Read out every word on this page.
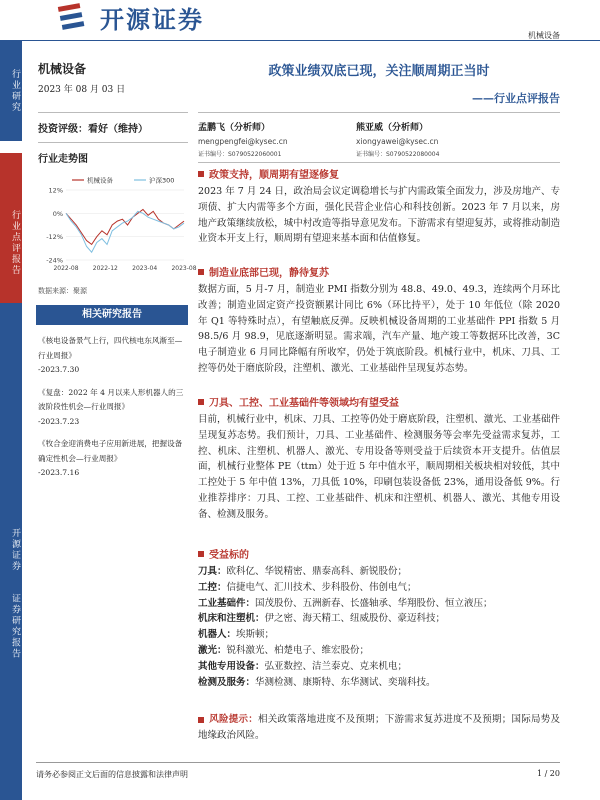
开源证券
机械设备
行业研究
行业点评报告
开源证券  证券研究报告
机械设备
2023 年 08 月 03 日
投资评级：看好（维持）
行业走势图
12%
0%
-12%
-24%
2022-08 2022-12 2023-04 2023-08
机械设备	沪深300
数据来源：聚源
相关研究报告
《核电设备景气上行，四代核电东风渐至—行业周报》
-2023.7.30
《复盘：2022 年 4 月以来人形机器人的三波阶段性机会—行业周报》
-2023.7.23
《牧合金迎消费电子应用新进展，把握设备确定性机会—行业周报》
-2023.7.16
政策业绩双底已现，关注顺周期正当时
——行业点评报告
孟鹏飞（分析师）
mengpengfei@kysec.cn
证书编号：S0790522060001
熊亚威（分析师）
xiongyawei@kysec.cn
证书编号：S0790522080004
政策支持，顺周期有望逐修复
2023 年 7 月 24 日，政治局会议定调稳增长与扩内需政策全面发力，涉及房地产、专项债、扩大内需等多个方面，强化民营企业信心和科技创新。2023 年 7 月以来，房地产政策继续放松，城中村改造等指导意见发布。下游需求有望迎复苏，或将推动制造业资本开支上行，顺周期有望迎来基本面和估值修复。
制造业底部已现，静待复苏
数据方面，5 月-7 月，制造业 PMI 指数分别为 48.8、49.0、49.3，连续两个月环比改善；制造业固定资产投资额累计同比 6%（环比持平），处于 10 年低位（除 2020 年 Q1 等特殊时点），有望触底反弹。反映机械设备周期的工业基础件 PPI 指数 5 月 98.5/6 月 98.9，见底逐渐明显。需求端，汽车产量、地产竣工等数据环比改善，3C 电子制造业 6 月同比降幅有所收窄，仍处于筑底阶段。机械行业中，机床、刀具、工控等仍处于磨底阶段，注塑机、激光、工业基础件呈现复苏态势。
刀具、工控、工业基础件等领域均有望受益
目前，机械行业中，机床、刀具、工控等仍处于磨底阶段，注塑机、激光、工业基础件呈现复苏态势。我们预计，刀具、工业基础件、检测服务等会率先受益需求复苏，工控、机床、注塑机、机器人、激光、专用设备等则受益于后续资本开支提升。估值层面，机械行业整体 PE（ttm）处于近 5 年中值水平，顺周期相关板块相对较低，其中工控处于 5 年中值 13%，刀具低 10%，印刷包装设备低 23%，通用设备低 9%。行业推荐排序：刀具、工控、工业基础件、机床和注塑机、机器人、激光、其他专用设备、检测及服务。
受益标的
刀具：欧科亿、华锐精密、鼎泰高科、新锐股份；
工控：信捷电气、汇川技术、步科股份、伟创电气；
工业基础件：国茂股份、五洲新春、长盛轴承、华翔股份、恒立液压；
机床和注塑机：伊之密、海天精工、纽威股份、豪迈科技；
机器人：埃斯顿；
激光：锐科激光、柏楚电子、维宏股份；
其他专用设备：弘亚数控、洁兰泰克、克来机电；
检测及服务：华测检测、康斯特、东华测试、奕瑞科技。
风险提示：相关政策落地进度不及预期；下游需求复苏进度不及预期；国际局势及地缘政治风险。
请务必参阅正文后面的信息披露和法律声明	1 / 20
